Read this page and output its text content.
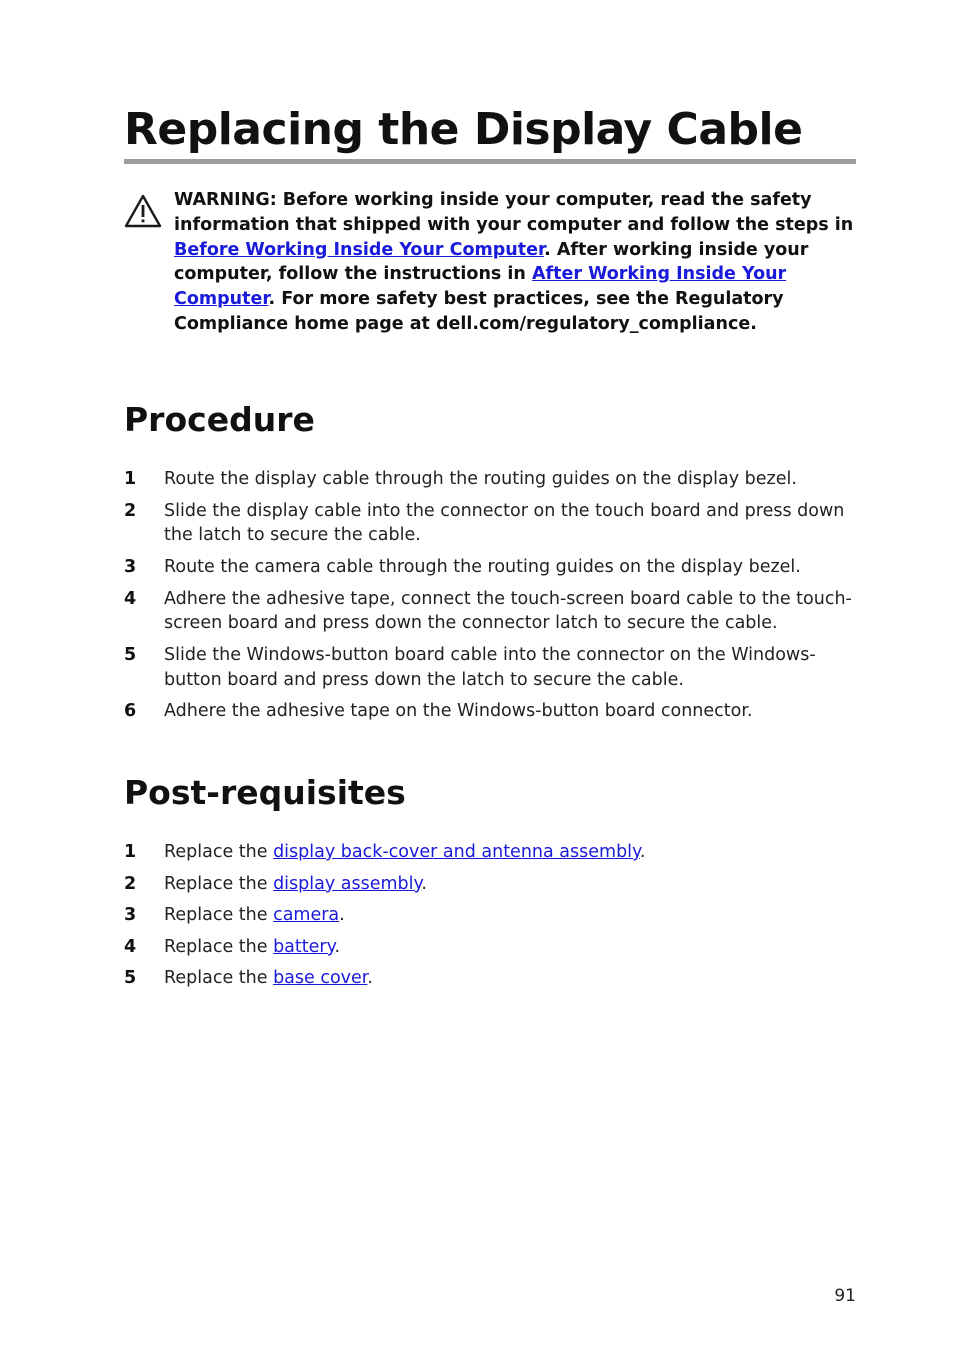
Replacing the Display Cable
WARNING: Before working inside your computer, read the safety information that shipped with your computer and follow the steps in Before Working Inside Your Computer. After working inside your computer, follow the instructions in After Working Inside Your Computer. For more safety best practices, see the Regulatory Compliance home page at dell.com/regulatory_compliance.
Procedure
1 Route the display cable through the routing guides on the display bezel.
2 Slide the display cable into the connector on the touch board and press down the latch to secure the cable.
3 Route the camera cable through the routing guides on the display bezel.
4 Adhere the adhesive tape, connect the touch-screen board cable to the touch-screen board and press down the connector latch to secure the cable.
5 Slide the Windows-button board cable into the connector on the Windows-button board and press down the latch to secure the cable.
6 Adhere the adhesive tape on the Windows-button board connector.
Post-requisites
1 Replace the display back-cover and antenna assembly.
2 Replace the display assembly.
3 Replace the camera.
4 Replace the battery.
5 Replace the base cover.
91
